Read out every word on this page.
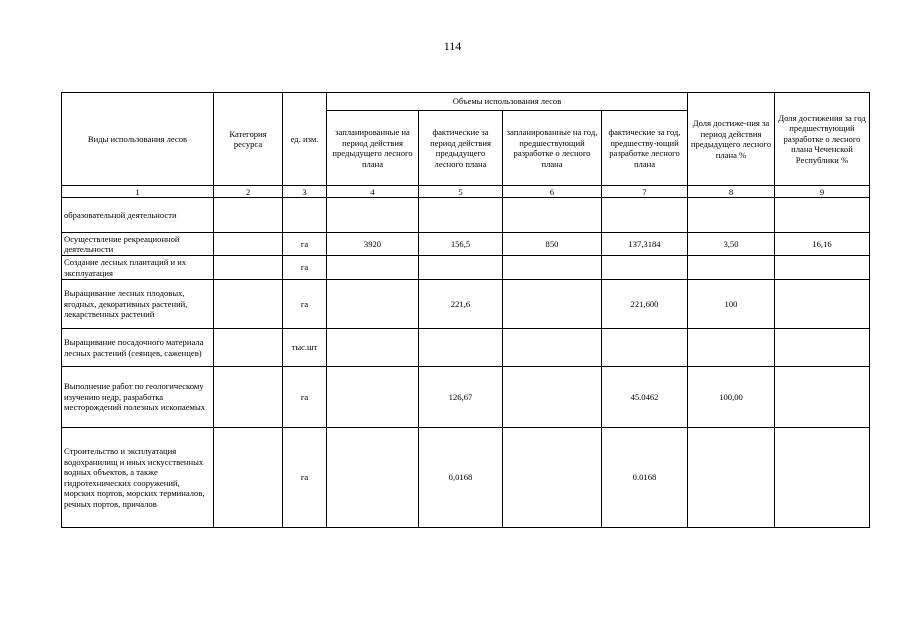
114
Виды использования лесов	Категория ресурса	ед. изм.	Объемы использования лесов				Доля достиже-ния за период действия предыдущего лесного плана %	Доля достижения за год предшествующий разработке о лесного плана Чеченской Республики %
			запланированные на период действия предыдущего лесного плана	фактические за период действия предыдущего лесного плана	запланированные на год, предшествующий разработке о лесного плана	фактические за год, предшеству-ющий разработке лесного плана		
1	2	3	4	5	6	7	8	9
образовательной деятельности								
Осуществление рекреационной деятельности		га	3920	156,5	850	137,3184	3,50	16,16
Создание лесных плантаций и их эксплуатация		га						
Выращивание лесных плодовых, ягодных, декоративных растений, лекарственных растений		га		221,6		221,600	100	
Выращивание посадочного материала лесных растений (сеянцев, саженцев)		тыс.шт						
Выполнение работ по геологическому изучению недр, разработка месторождений полезных ископаемых		га		126,67		45.0462	100,00	
Строительство и эксплуатация водохранилищ и иных искусственных водных объектов, а также гидротехнических сооружений, морских портов, морских терминалов, речных портов, причалов		га		0,0168		0.0168		
